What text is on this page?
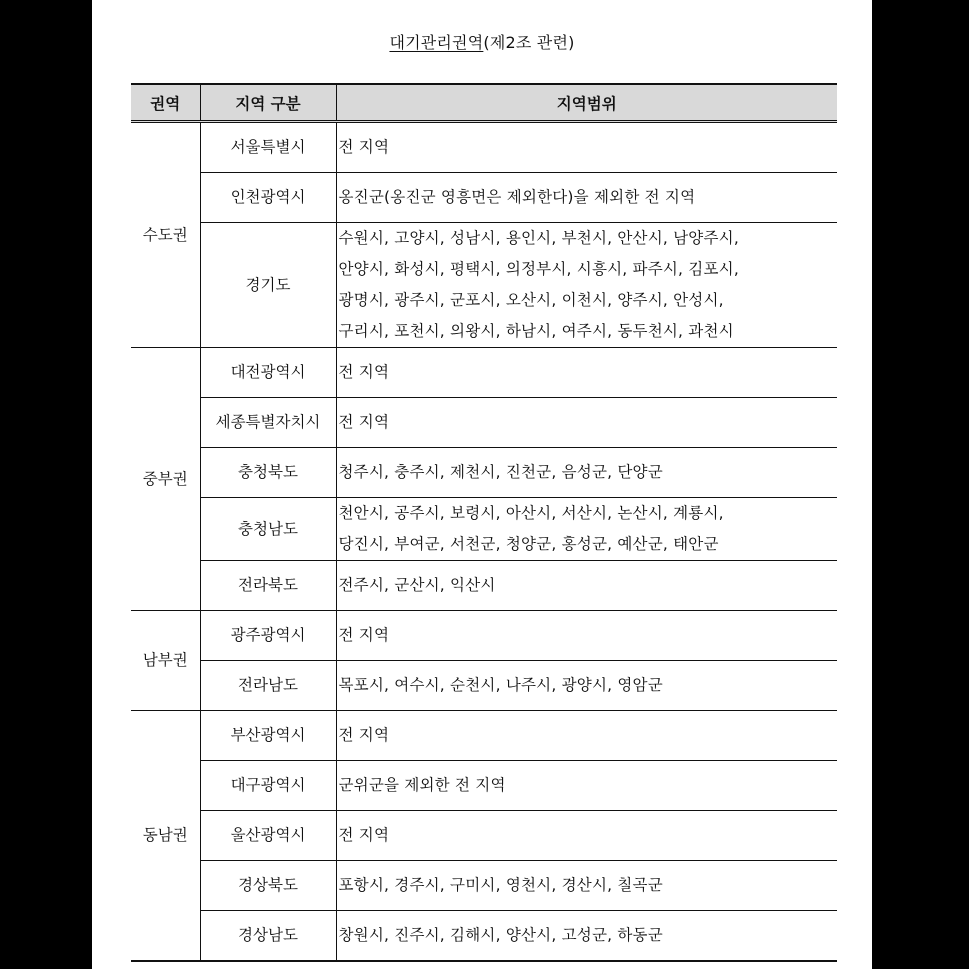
대기관리권역(제2조 관련)
권역	지역 구분	지역범위
수도권	서울특별시	전 지역

	인천광역시	옹진군(옹진군 영흥면은 제외한다)을 제외한 전 지역

	경기도	수원시, 고양시, 성남시, 용인시, 부천시, 안산시, 남양주시,
안양시, 화성시, 평택시, 의정부시, 시흥시, 파주시, 김포시,
광명시, 광주시, 군포시, 오산시, 이천시, 양주시, 안성시,
구리시, 포천시, 의왕시, 하남시, 여주시, 동두천시, 과천시

중부권	대전광역시	전 지역

	세종특별자치시	전 지역

	충청북도	청주시, 충주시, 제천시, 진천군, 음성군, 단양군

	충청남도	천안시, 공주시, 보령시, 아산시, 서산시, 논산시, 계룡시,
당진시, 부여군, 서천군, 청양군, 홍성군, 예산군, 태안군

	전라북도	전주시, 군산시, 익산시

남부권	광주광역시	전 지역

	전라남도	목포시, 여수시, 순천시, 나주시, 광양시, 영암군

동남권	부산광역시	전 지역

	대구광역시	군위군을 제외한 전 지역

	울산광역시	전 지역

	경상북도	포항시, 경주시, 구미시, 영천시, 경산시, 칠곡군

	경상남도	창원시, 진주시, 김해시, 양산시, 고성군, 하동군
